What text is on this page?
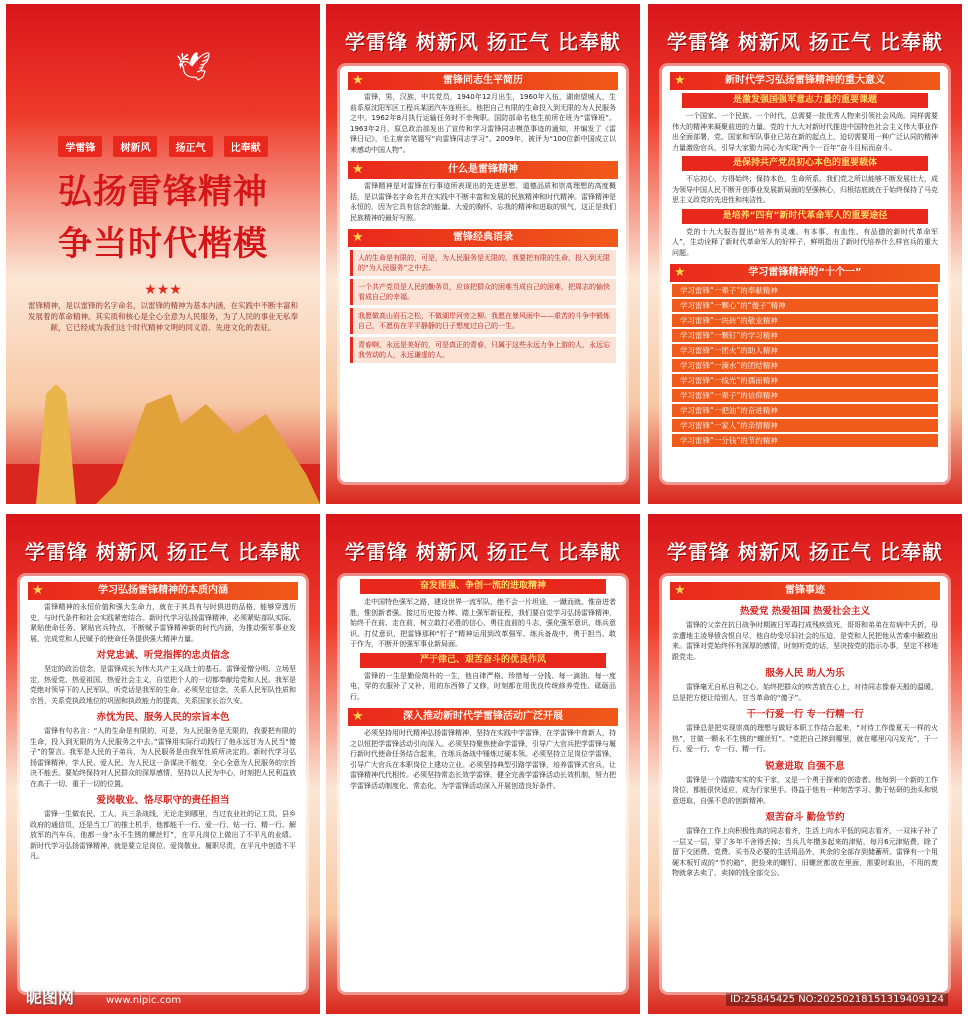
🕊
学雷锋	树新风	扬正气	比奉献
弘扬雷锋精神
争当时代楷模
★★★
雷锋精神，是以雷锋的名字命名，以雷锋的精神为基本内涵，在实践中不断丰富和发展着的革命精神。其实质和核心是全心全意为人民服务，为了人民的事业无私奉献，它已经成为我们这个时代精神文明的同义语、先进文化的表征。
学雷锋 树新风 扬正气 比奉献
★	雷锋同志生平简历
雷锋，男，汉族，中共党员，1940年12月出生，1960年入伍，湖南望城人，生前系原沈阳军区工程兵某团汽车连班长。他把自己有限的生命投入到无限的为人民服务之中。1962年8月执行运输任务时不幸殉职。国防部命名他生前所在班为“雷锋班”。1963年2月，原总政治部发出了宣传和学习雷锋同志模范事迹的通知，并编发了《雷锋日记》，毛主席亲笔题写“向雷锋同志学习”。2009年，被评为“100位新中国成立以来感动中国人物”。
★	什么是雷锋精神
雷锋精神是对雷锋在行事迹所表现出的先进思想、道德品质和崇高理想的高度概括，是以雷锋名字命名并在实践中不断丰富和发展的民族精神和时代精神。雷锋精神是永恒的，因为它具有信念的能量、大爱的胸怀、忘我的精神和进取的锐气，这正是我们民族精神的最好写照。
★	雷锋经典语录
人的生命是有限的，可是，为人民服务是无限的，我要把有限的生命，投入到无限的“为人民服务”之中去。
一个共产党员是人民的勤务员，应该把群众的困难当成自己的困难，把周志的愉快看成自己的幸福。
我愿做高山岩石之松，不做湖岸河旁之柳。我愿在暴风雨中——艰苦的斗争中锻炼自己，不愿仿在平平静静的日子想度过自己的一生。
青春啊，永远是美好的，可是真正的青春，只属于这些永远力争上游的人，永远忘我劳动的人，永远谦虚的人。
学雷锋 树新风 扬正气 比奉献
★	新时代学习弘扬雷锋精神的重大意义
是激发强国强军意志力量的重要课题
一个国家、一个民族、一个时代，总需要一批优秀人物来引领社会风尚。同样需要伟大的精神来凝聚前进的力量。党的十九大对新时代推进中国特色社会主义伟大事业作出全面部署，党、国家和军队事业已站在新的起点上，迫切需要用一种广泛认同的精神力量激励官兵，引导大家勠力同心为实现“两个一百年”奋斗目标而奋斗。
是保持共产党员初心本色的重要载体
不忘初心，方得始终；保持本色，生命所系。我们党之所以能够不断发展壮大，成为领导中国人民不断开创事业发展新局面的坚强核心，归根结底就在于始终保持了马克思主义政党的先进性和纯洁性。
是培养“四有”新时代革命军人的重要途径
党的十九大报告提出“培养有灵魂、有本事、有血性、有品德的新时代革命军人”，生动诠释了新时代革命军人的好样子，鲜明指出了新时代培养什么样官兵的重大问题。
★	学习雷锋精神的“十个一”
学习雷锋“一辈子”的奉献精神
学习雷锋“一颗心”的“傻子”精神
学习雷锋“一块砖”的敬业精神
学习雷锋“一颗钉”的学习精神
学习雷锋“一团火”的助人精神
学习雷锋“一滴水”的团结精神
学习雷锋“一线光”的孺而精神
学习雷锋“一辈子”的信仰精神
学习雷锋“一把油”的奋进精神
学习雷锋“一家人”的亲情精神
学习雷锋“一分钱”的节约精神
学雷锋 树新风 扬正气 比奉献
★	学习弘扬雷锋精神的本质内涵
雷锋精神的永恒价值和强大生命力，就在于其具有与时俱进的品格，能够穿透历史，与时代条件和社会实践紧密结合。新时代学习弘扬雷锋精神，必须紧贴部队实际、紧贴使命任务、紧贴官兵特点，不断赋予雷锋精神新的时代内涵，为推动强军事业发展，完成党和人民赋予的使命任务提供强大精神力量。
对党忠诚、听党指挥的忠贞信念
坚定的政治信念，是雷锋成长为伟大共产主义战士的基石。雷锋爱憎分明、立场坚定，热爱党、热爱祖国、热爱社会主义，自觉把个人的一切都奉献给党和人民。我军是党绝对领导下的人民军队，听党话是我军的生命。必须坚定信念，关系人民军队性质和宗旨，关系党执政地位的巩固和执政能力的提高，关系国家长治久安。
赤忱为民、服务人民的宗旨本色
雷锋有句名言：“人的生命是有限的，可是，为人民服务是无限的，我要把有限的生命，投入到无限的为人民服务之中去。”雷锋用实际行动践行了他永远甘为人民当“傻子”的誓言。我军是人民的子弟兵，为人民服务是由我军性质所决定的。新时代学习弘扬雷锋精神，学人民、爱人民、为人民这一条谋决不能变，全心全意为人民服务的宗旨决不能丢。要始终保持对人民群众的深厚感情，坚持以人民为中心，时刻把人民利益放在高于一切、重于一切的位置。
爱岗敬业、恪尽职守的责任担当
雷锋一生做农民、工人、兵三条战线，无论走到哪里，当过农业社的记工员、县乡政府的通信员，还是当工厂的推土机手，他都能干一行、爱一行、钻一行、精一行。解放军的汽车兵，他都一身“永不生锈的螺丝钉”，在平凡岗位上做出了不平凡的业绩。新时代学习弘扬雷锋精神，就是要立足岗位、爱岗敬业、履职尽责，在平凡中创造不平凡。
昵图网	www.nipic.com
学雷锋 树新风 扬正气 比奉献
奋发图强、争创一流的进取精神
走中国特色强军之路，建设世界一流军队，绝不会一片坦途，一蹴而就。惟奋进者胜，惟创新者强。接过历史接力棒、踏上强军新征程，我们要自觉学习弘扬雷锋精神，始终干在前、走在前，树立敢打必胜的信心、勇往直前的斗志，强化强军意识、练兵意识、打仗意识，把雷锋那种“钉子”精神运用到改革强军、练兵备战中，勇于担当、敢于作为，不断开创强军事业新局面。
严于律己、艰苦奋斗的优良作风
雷锋的一生是勤俭简朴的一生，他自律严格、珍惜每一分钱、每一滴油、每一度电，穿的衣服补了又补，用的东西修了又修，时刻都在用优良传统修养党性、砥砺品行。
★	深入推动新时代学雷锋活动广泛开展
必须坚持用时代精神弘扬雷锋精神，坚持在实践中学雷锋，在学雷锋中育新人，持之以恒把学雷锋活动引向深入。必须坚持聚焦使命学雷锋，引导广大官兵把学雷锋与履行新时代使命任务结合起来，在练兵备战中锤炼过硬本领。必须坚持立足岗位学雷锋，引导广大官兵在本职岗位上建功立业。必须坚持典型引路学雷锋，培养雷锋式官兵，让雷锋精神代代相传。必须坚持常态长效学雷锋，健全完善学雷锋活动长效机制，努力把学雷锋活动制度化、常态化，为学雷锋活动深入开展创造良好条件。
学雷锋 树新风 扬正气 比奉献
★	雷锋事迹
热爱党 热爱祖国 热爱社会主义
雷锋的父亲在抗日战争时期被日军毒打成残疾致死，哥哥和弟弟在贫病中夭折，母亲遭地主凌辱愤含恨自尽，他自幼受尽旧社会的压迫，是党和人民把他从苦难中解救出来。雷锋对党始终怀有深厚的感情，时刻听党的话，坚决按党的指示办事，坚定不移地跟党走。
服务人民 助人为乐
雷锋毫无自私自利之心，始终把群众的疾苦放在心上，对待同志像春天般的温暖，总是把方便让给别人，甘当革命的“傻子”。
干一行爱一行 专一行精一行
雷锋总是把实现崇高的理想与做好本职工作结合起来，“对待工作像夏天一样的火热”，甘做一颗永不生锈的“螺丝钉”。“党把自己摔到哪里，就在哪里闪闪发光”，干一行、爱一行、专一行、精一行。
锐意进取 自强不息
雷锋是一个踏踏实实的实干家，又是一个勇于探索的创造者。他每到一个新的工作岗位，都能很快适应，成为行家里手。得益于他有一种刻苦学习、勤于钻研的劲头和锐意进取、自强不息的创新精神。
艰苦奋斗 勤俭节约
雷锋在工作上向积极性高的同志看齐，生活上向水平低的同志看齐，一双袜子补了一层又一层，穿了多年不舍得丢掉；当兵几年攒多起来的津贴，每月6元津贴费，除了留下交团费、党费、买书及必要的生活用品外，其余的全部存到储蓄所。雷锋有一个用硬木板钉成的“节约箱”，把捡来的螺钉、旧螺丝都放在里面，需要时取出，不用的废物就拿去卖了，卖掉的钱全部交公。
ID:25845425 NO:20250218151319409124
